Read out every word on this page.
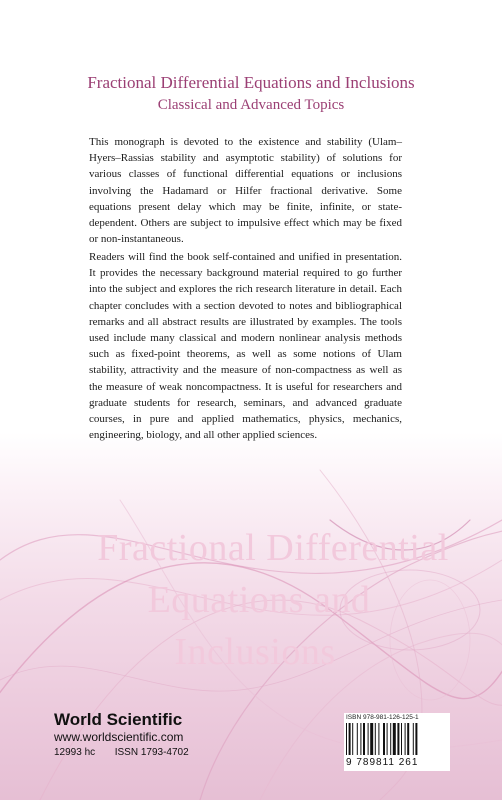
Fractional Differential Equations and Inclusions
Classical and Advanced Topics

This monograph is devoted to the existence and stability (Ulam–Hyers–Rassias stability and asymptotic stability) of solutions for various classes of functional differential equations or inclusions involving the Hadamard or Hilfer fractional derivative. Some equations present delay which may be finite, infinite, or state-dependent. Others are subject to impulsive effect which may be fixed or non-instantaneous.

Readers will find the book self-contained and unified in presentation. It provides the necessary background material required to go further into the subject and explores the rich research literature in detail. Each chapter concludes with a section devoted to notes and bibliographical remarks and all abstract results are illustrated by examples. The tools used include many classical and modern nonlinear analysis methods such as fixed-point theorems, as well as some notions of Ulam stability, attractivity and the measure of non-compactness as well as the measure of weak noncompactness. It is useful for researchers and graduate students for research, seminars, and advanced graduate courses, in pure and applied mathematics, physics, mechanics, engineering, biology, and all other applied sciences.

Fractional Differential
Equations and
Inclusions
World Scientific
www.worldscientific.com
12993 hc ISSN 1793-4702
ISBN 978-981-126-125-1
9 789811 261
